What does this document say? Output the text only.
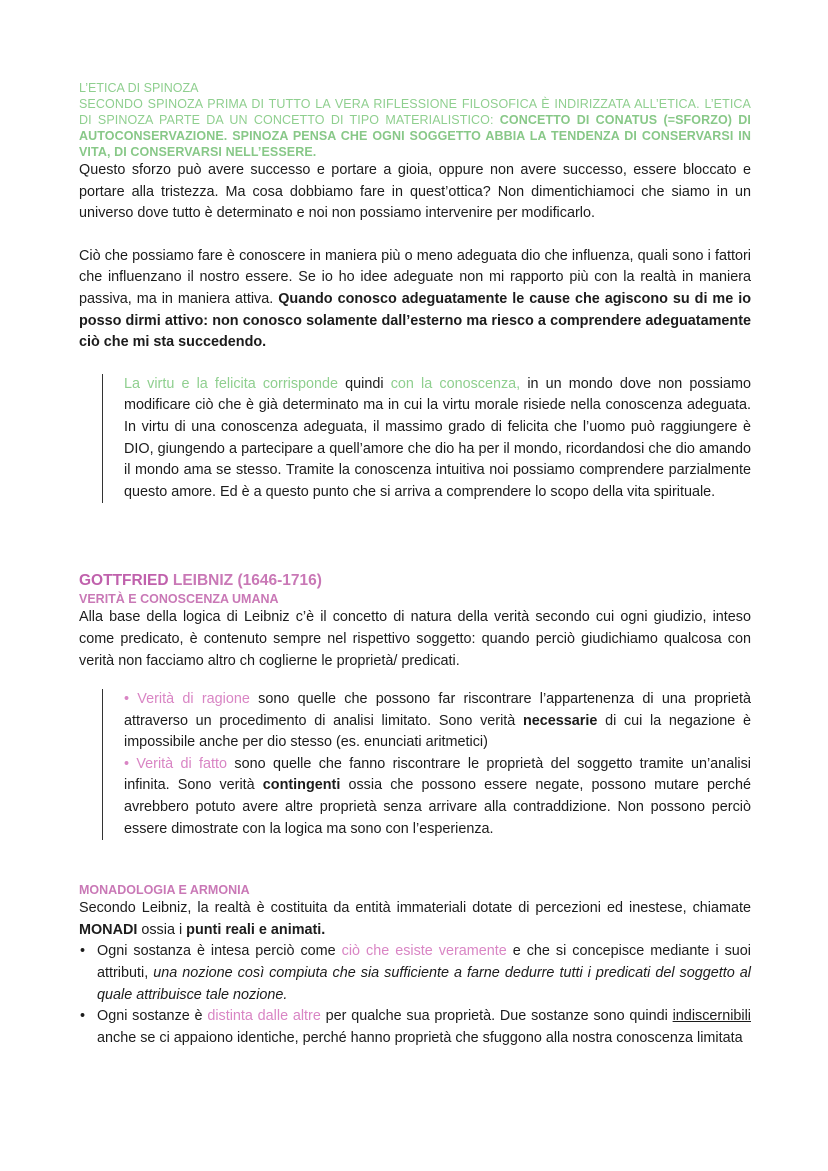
L’ETICA DI SPINOZA
SECONDO SPINOZA PRIMA DI TUTTO LA VERA RIFLESSIONE FILOSOFICA È INDIRIZZATA ALL’ETICA. L’ETICA DI SPINOZA PARTE DA UN CONCETTO DI TIPO MATERIALISTICO: CONCETTO DI CONATUS (=SFORZO) DI AUTOCONSERVAZIONE. SPINOZA PENSA CHE OGNI SOGGETTO ABBIA LA TENDENZA DI CONSERVARSI IN VITA, DI CONSERVARSI NELL’ESSERE.

Questo sforzo può avere successo e portare a gioia, oppure non avere successo, essere bloccato e portare alla tristezza. Ma cosa dobbiamo fare in quest’ottica? Non dimentichiamoci che siamo in un universo dove tutto è determinato e noi non possiamo intervenire per modificarlo.

Ciò che possiamo fare è conoscere in maniera più o meno adeguata dio che influenza, quali sono i fattori che influenzano il nostro essere. Se io ho idee adeguate non mi rapporto più con la realtà in maniera passiva, ma in maniera attiva. Quando conosco adeguatamente le cause che agiscono su di me io posso dirmi attivo: non conosco solamente dall’esterno ma riesco a comprendere adeguatamente ciò che mi sta succedendo.

La virtu e la felicita corrisponde quindi con la conoscenza, in un mondo dove non possiamo modificare ciò che è già determinato ma in cui la virtu morale risiede nella conoscenza adeguata. In virtu di una conoscenza adeguata, il massimo grado di felicita che l’uomo può raggiungere è DIO, giungendo a partecipare a quell’amore che dio ha per il mondo, ricordandosi che dio amando il mondo ama se stesso. Tramite la conoscenza intuitiva noi possiamo comprendere parzialmente questo amore. Ed è a questo punto che si arriva a comprendere lo scopo della vita spirituale.
GOTTFRIED LEIBNIZ (1646-1716)
VERITÀ E CONOSCENZA UMANA

Alla base della logica di Leibniz c’è il concetto di natura della verità secondo cui ogni giudizio, inteso come predicato, è contenuto sempre nel rispettivo soggetto: quando perciò giudichiamo qualcosa con verità non facciamo altro ch coglierne le proprietà/ predicati.

• Verità di ragione sono quelle che possono far riscontrare l’appartenenza di una proprietà attraverso un procedimento di analisi limitato. Sono verità necessarie di cui la negazione è impossibile anche per dio stesso (es. enunciati aritmetici)
• Verità di fatto sono quelle che fanno riscontrare le proprietà del soggetto tramite un’analisi infinita. Sono verità contingenti ossia che possono essere negate, possono mutare perché avrebbero potuto avere altre proprietà senza arrivare alla contraddizione. Non possono perciò essere dimostrate con la logica ma sono con l’esperienza.
MONADOLOGIA E ARMONIA

Secondo Leibniz, la realtà è costituita da entità immateriali dotate di percezioni ed inestese, chiamate MONADI ossia i punti reali e animati.

• Ogni sostanza è intesa perciò come ciò che esiste veramente e che si concepisce mediante i suoi attributi, una nozione così compiuta che sia sufficiente a farne dedurre tutti i predicati del soggetto al quale attribuisce tale nozione.
• Ogni sostanze è distinta dalle altre per qualche sua proprietà. Due sostanze sono quindi indiscernibili anche se ci appaiono identiche, perché hanno proprietà che sfuggono alla nostra conoscenza limitata
